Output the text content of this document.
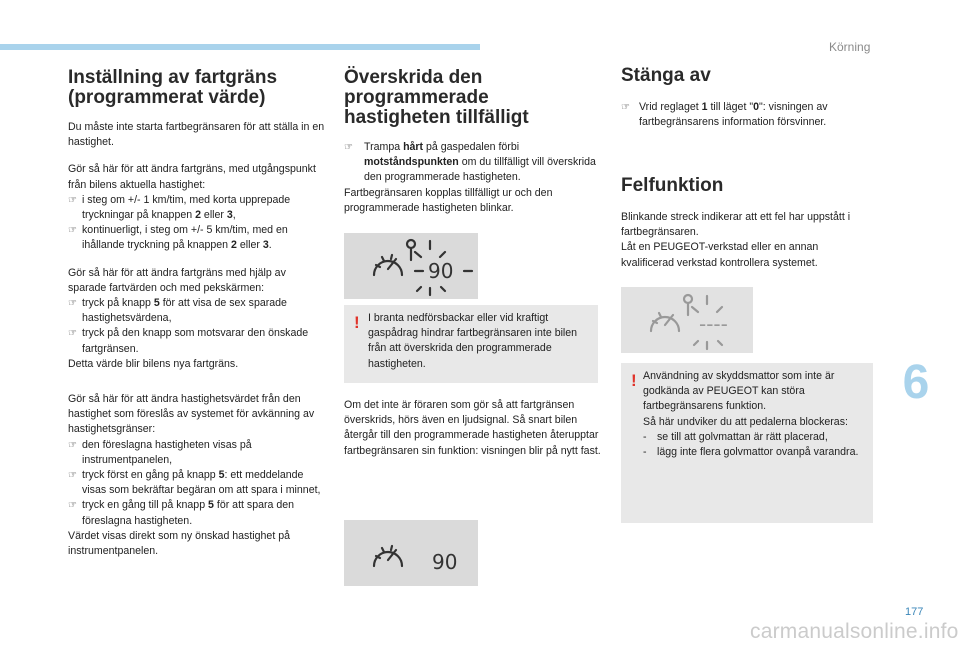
Körning
6
177
carmanualsonline.info
Inställning av fartgräns
(programmerat värde)

Du måste inte starta fartbegränsaren för att ställa in en hastighet.

Gör så här för att ändra fartgräns, med utgångspunkt från bilens aktuella hastighet:

☞ i steg om +/- 1 km/tim, med korta upprepade tryckningar på knappen 2 eller 3,

☞ kontinuerligt, i steg om +/- 5 km/tim, med en ihållande tryckning på knappen 2 eller 3.

Gör så här för att ändra fartgräns med hjälp av sparade fartvärden och med pekskärmen:

☞ tryck på knapp 5 för att visa de sex sparade hastighetsvärdena,

☞ tryck på den knapp som motsvarar den önskade fartgränsen.

Detta värde blir bilens nya fartgräns.

Gör så här för att ändra hastighetsvärdet från den hastighet som föreslås av systemet för avkänning av hastighetsgränser:

☞ den föreslagna hastigheten visas på instrumentpanelen,

☞ tryck först en gång på knapp 5: ett meddelande visas som bekräftar begäran om att spara i minnet,

☞ tryck en gång till på knapp 5 för att spara den föreslagna hastigheten.

Värdet visas direkt som ny önskad hastighet på instrumentpanelen.

Överskrida den
programmerade
hastigheten tillfälligt

☞ Trampa hårt på gaspedalen förbi motståndspunkten om du tillfälligt vill överskrida den programmerade hastigheten.

Fartbegränsaren kopplas tillfälligt ur och den programmerade hastigheten blinkar.

90
! I branta nedförsbackar eller vid kraftigt gaspådrag hindrar fartbegränsaren inte bilen från att överskrida den programmerade hastigheten.

Om det inte är föraren som gör så att fartgränsen överskrids, hörs även en ljudsignal. Så snart bilen återgår till den programmerade hastigheten återupptar fartbegränsaren sin funktion: visningen blir på nytt fast.

90
Stänga av

☞ Vrid reglaget 1 till läget "0": visningen av fartbegränsarens information försvinner.

Felfunktion

Blinkande streck indikerar att ett fel har uppstått i fartbegränsaren.

Låt en PEUGEOT-verkstad eller en annan kvalificerad verkstad kontrollera systemet.

----
! Användning av skyddsmattor som inte är godkända av PEUGEOT kan störa fartbegränsarens funktion.

Så här undviker du att pedalerna blockeras:

- se till att golvmattan är rätt placerad,

- lägg inte flera golvmattor ovanpå varandra.
